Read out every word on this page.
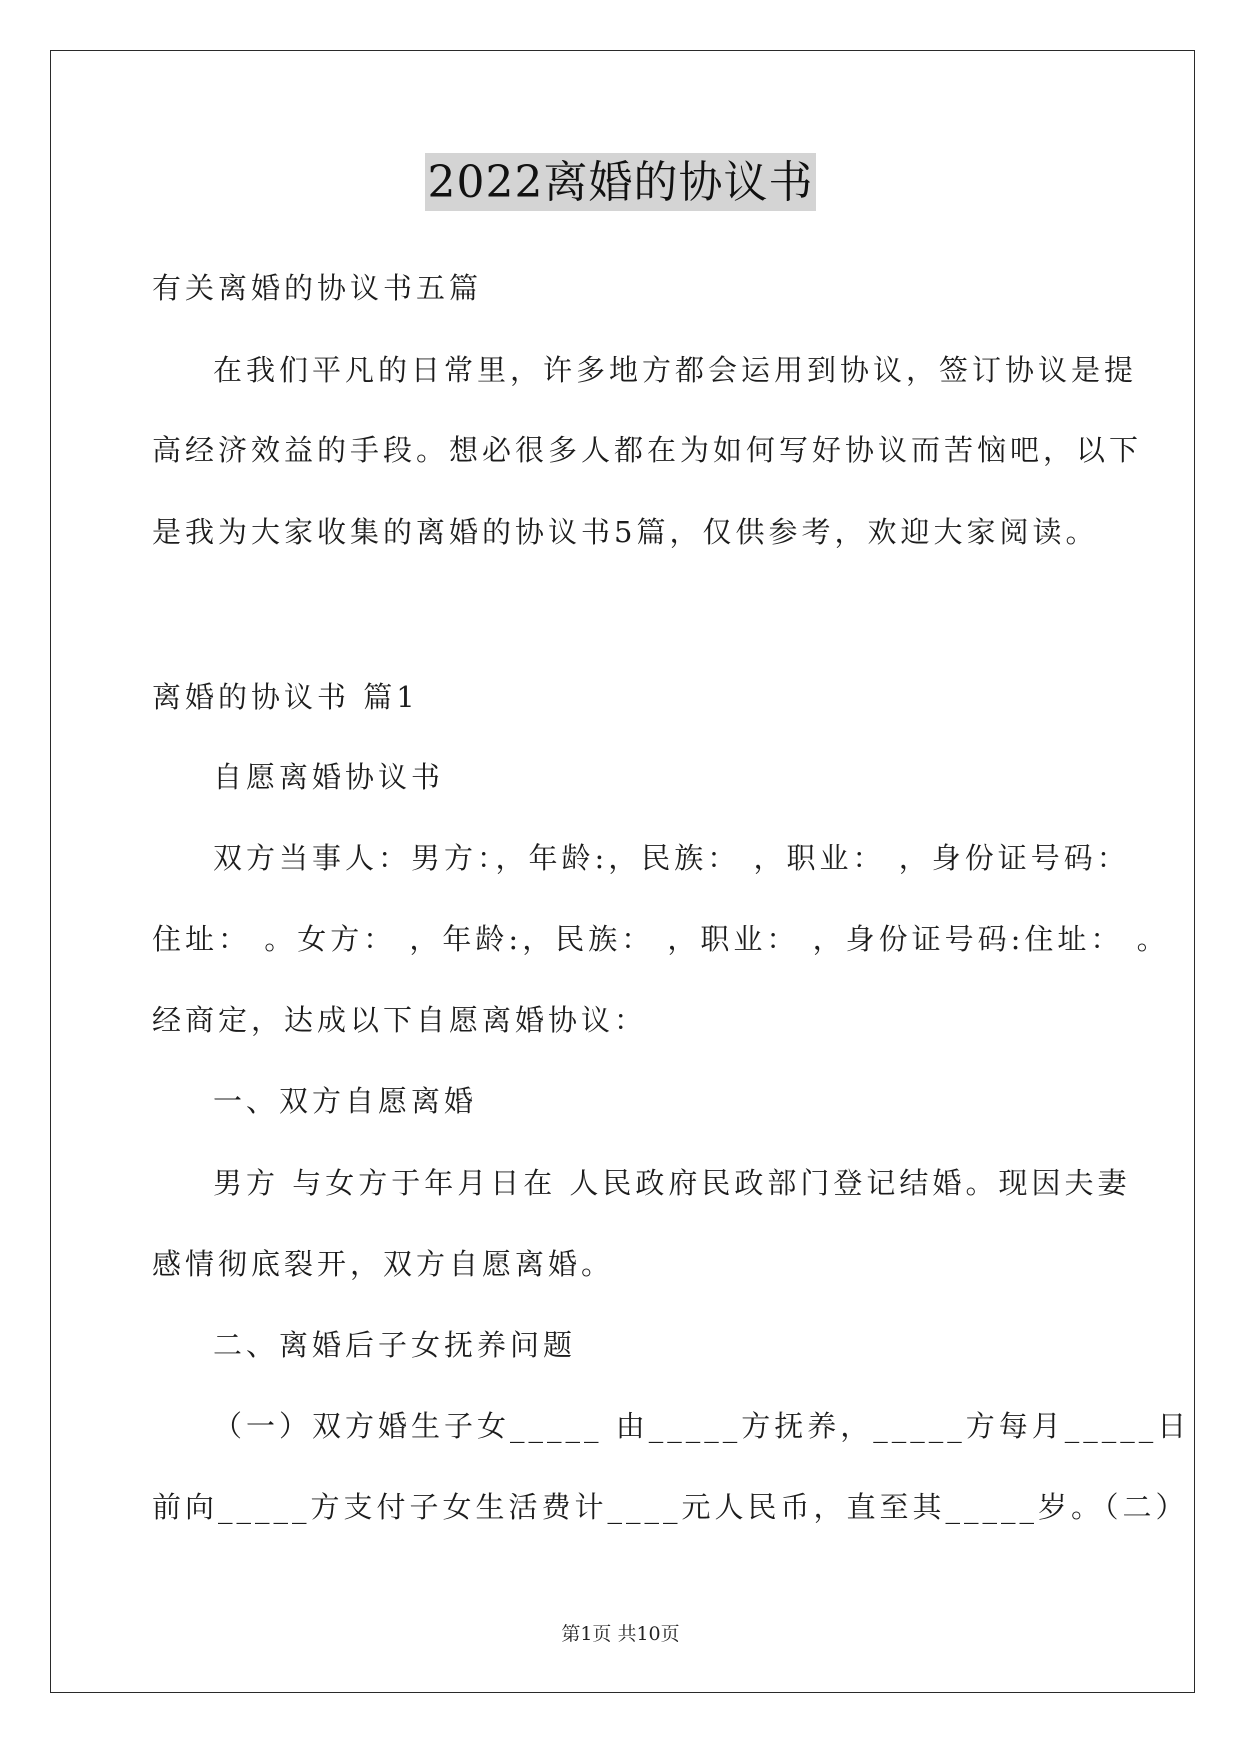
2022离婚的协议书
有关离婚的协议书五篇
在我们平凡的日常里，许多地方都会运用到协议，签订协议是提
高经济效益的手段。想必很多人都在为如何写好协议而苦恼吧，以下
是我为大家收集的离婚的协议书5篇，仅供参考，欢迎大家阅读。
离婚的协议书 篇1
自愿离婚协议书
双方当事人：男方：，年龄:，民族： ，职业： ，身份证号码：
住址： 。女方： ，年龄:，民族： ，职业： ，身份证号码:住址： 。
经商定，达成以下自愿离婚协议：
一、双方自愿离婚
男方 与女方于年月日在 人民政府民政部门登记结婚。现因夫妻
感情彻底裂开，双方自愿离婚。
二、离婚后子女抚养问题
（一）双方婚生子女_____ 由_____方抚养，_____方每月_____日
前向_____方支付子女生活费计____元人民币，直至其_____岁。（二）
第1页 共10页
